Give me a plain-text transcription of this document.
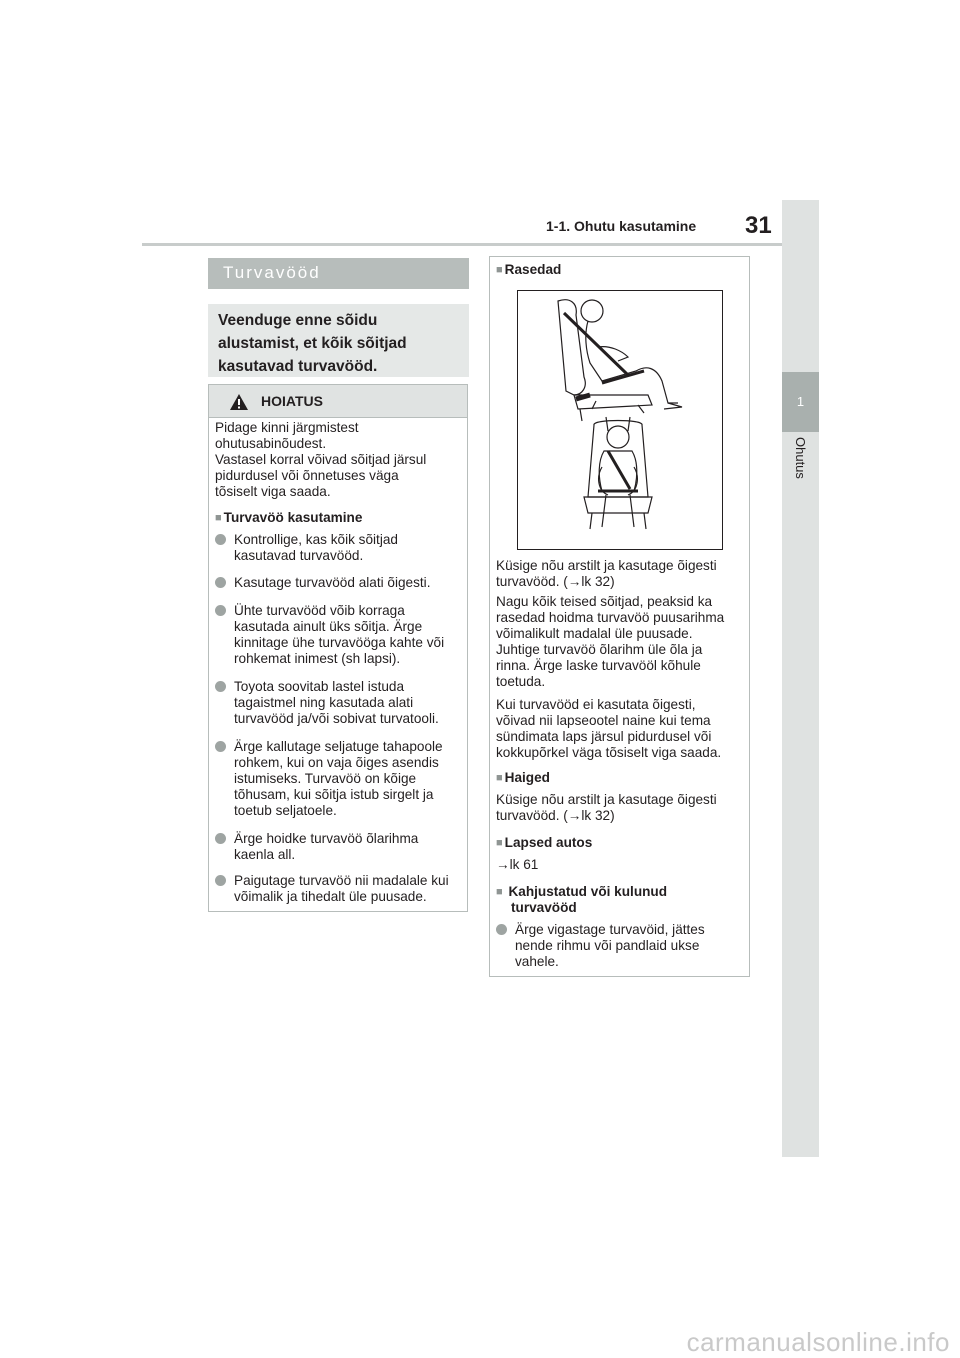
1-1. Ohutu kasutamine 31
1
Ohutus
Turvavööd
Veenduge enne sõidu alustamist, et kõik sõitjad kasutavad turvavööd.
HOIATUS
Pidage kinni järgmistest
ohutusabinõudest.
Vastasel korral võivad sõitjad järsul
pidurdusel või õnnetuses väga
tõsiselt viga saada.
■ Turvavöö kasutamine
Kontrollige, kas kõik sõitjad
kasutavad turvavööd.
Kasutage turvavööd alati õigesti.
Ühte turvavööd võib korraga
kasutada ainult üks sõitja. Ärge
kinnitage ühe turvavööga kahte või
rohkemat inimest (sh lapsi).
Toyota soovitab lastel istuda
tagaistmel ning kasutada alati
turvavööd ja/või sobivat turvatooli.
Ärge kallutage seljatuge tahapoole
rohkem, kui on vaja õiges asendis
istumiseks. Turvavöö on kõige
tõhusam, kui sõitja istub sirgelt ja
toetub seljatoele.
Ärge hoidke turvavöö õlarihma
kaenla all.
Paigutage turvavöö nii madalale kui
võimalik ja tihedalt üle puusade.
■ Rasedad
Küsige nõu arstilt ja kasutage õigesti
turvavööd. (→lk 32)
Nagu kõik teised sõitjad, peaksid ka
rasedad hoidma turvavöö puusarihma
võimalikult madalal üle puusade.
Juhtige turvavöö õlarihm üle õla ja
rinna. Ärge laske turvavööl kõhule
toetuda.
Kui turvavööd ei kasutata õigesti,
võivad nii lapseootel naine kui tema
sündimata laps järsul pidurdusel või
kokkupõrkel väga tõsiselt viga saada.
■ Haiged
Küsige nõu arstilt ja kasutage õigesti
turvavööd. (→lk 32)
■ Lapsed autos
→lk 61
■ Kahjustatud või kulunud
turvavööd
Ärge vigastage turvavöid, jättes
nende rihmu või pandlaid ukse
vahele.
carmanualsonline.info
